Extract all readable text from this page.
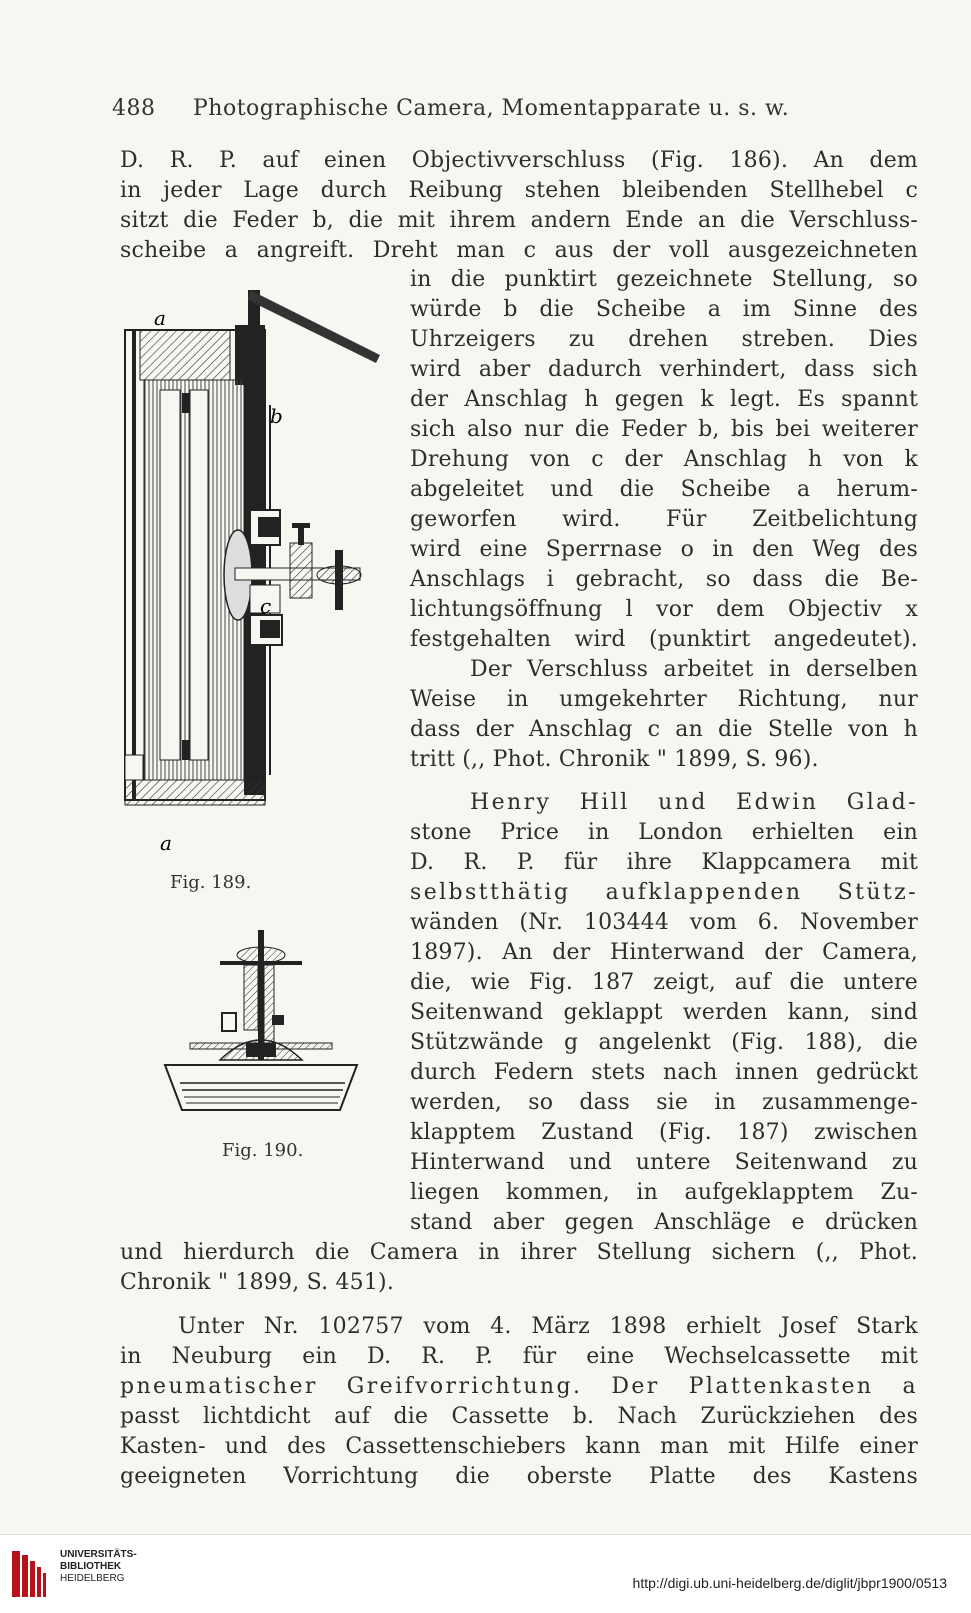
488 Photographische Camera, Momentapparate u. s. w.
D. R. P. auf einen Objectivverschluss (Fig. 186). An dem
in jeder Lage durch Reibung stehen bleibenden Stellhebel c
sitzt die Feder b, die mit ihrem andern Ende an die Verschluss-
scheibe a angreift. Dreht man c aus der voll ausgezeichneten
in die punktirt gezeichnete Stellung, so
würde b die Scheibe a im Sinne des
Uhrzeigers zu drehen streben. Dies
wird aber dadurch verhindert, dass sich
der Anschlag h gegen k legt. Es spannt
sich also nur die Feder b, bis bei weiterer
Drehung von c der Anschlag h von k
abgeleitet und die Scheibe a herum-
geworfen wird. Für Zeitbelichtung
wird eine Sperrnase o in den Weg des
Anschlags i gebracht, so dass die Be-
lichtungsöffnung l vor dem Objectiv x
festgehalten wird (punktirt angedeutet).
Der Verschluss arbeitet in derselben
Weise in umgekehrter Richtung, nur
dass der Anschlag c an die Stelle von h
tritt (,, Phot. Chronik " 1899, S. 96).
Henry Hill und Edwin Glad-
stone Price in London erhielten ein
D. R. P. für ihre Klappcamera mit
selbstthätig aufklappenden Stütz-
wänden (Nr. 103444 vom 6. November
1897). An der Hinterwand der Camera,
die, wie Fig. 187 zeigt, auf die untere
Seitenwand geklappt werden kann, sind
Stützwände g angelenkt (Fig. 188), die
durch Federn stets nach innen gedrückt
werden, so dass sie in zusammenge-
klapptem Zustand (Fig. 187) zwischen
Hinterwand und untere Seitenwand zu
liegen kommen, in aufgeklapptem Zu-
stand aber gegen Anschläge e drücken
und hierdurch die Camera in ihrer Stellung sichern (,, Phot.
Chronik " 1899, S. 451).
Unter Nr. 102757 vom 4. März 1898 erhielt Josef Stark
in Neuburg ein D. R. P. für eine Wechselcassette mit
pneumatischer Greifvorrichtung. Der Plattenkasten a
passt lichtdicht auf die Cassette b. Nach Zurückziehen des
Kasten- und des Cassettenschiebers kann man mit Hilfe einer
geeigneten Vorrichtung die oberste Platte des Kastens
a
b
c
a
Fig. 189.
Fig. 190.
UNIVERSITÄTS-
BIBLIOTHEK
HEIDELBERG	http://digi.ub.uni-heidelberg.de/diglit/jbpr1900/0513
